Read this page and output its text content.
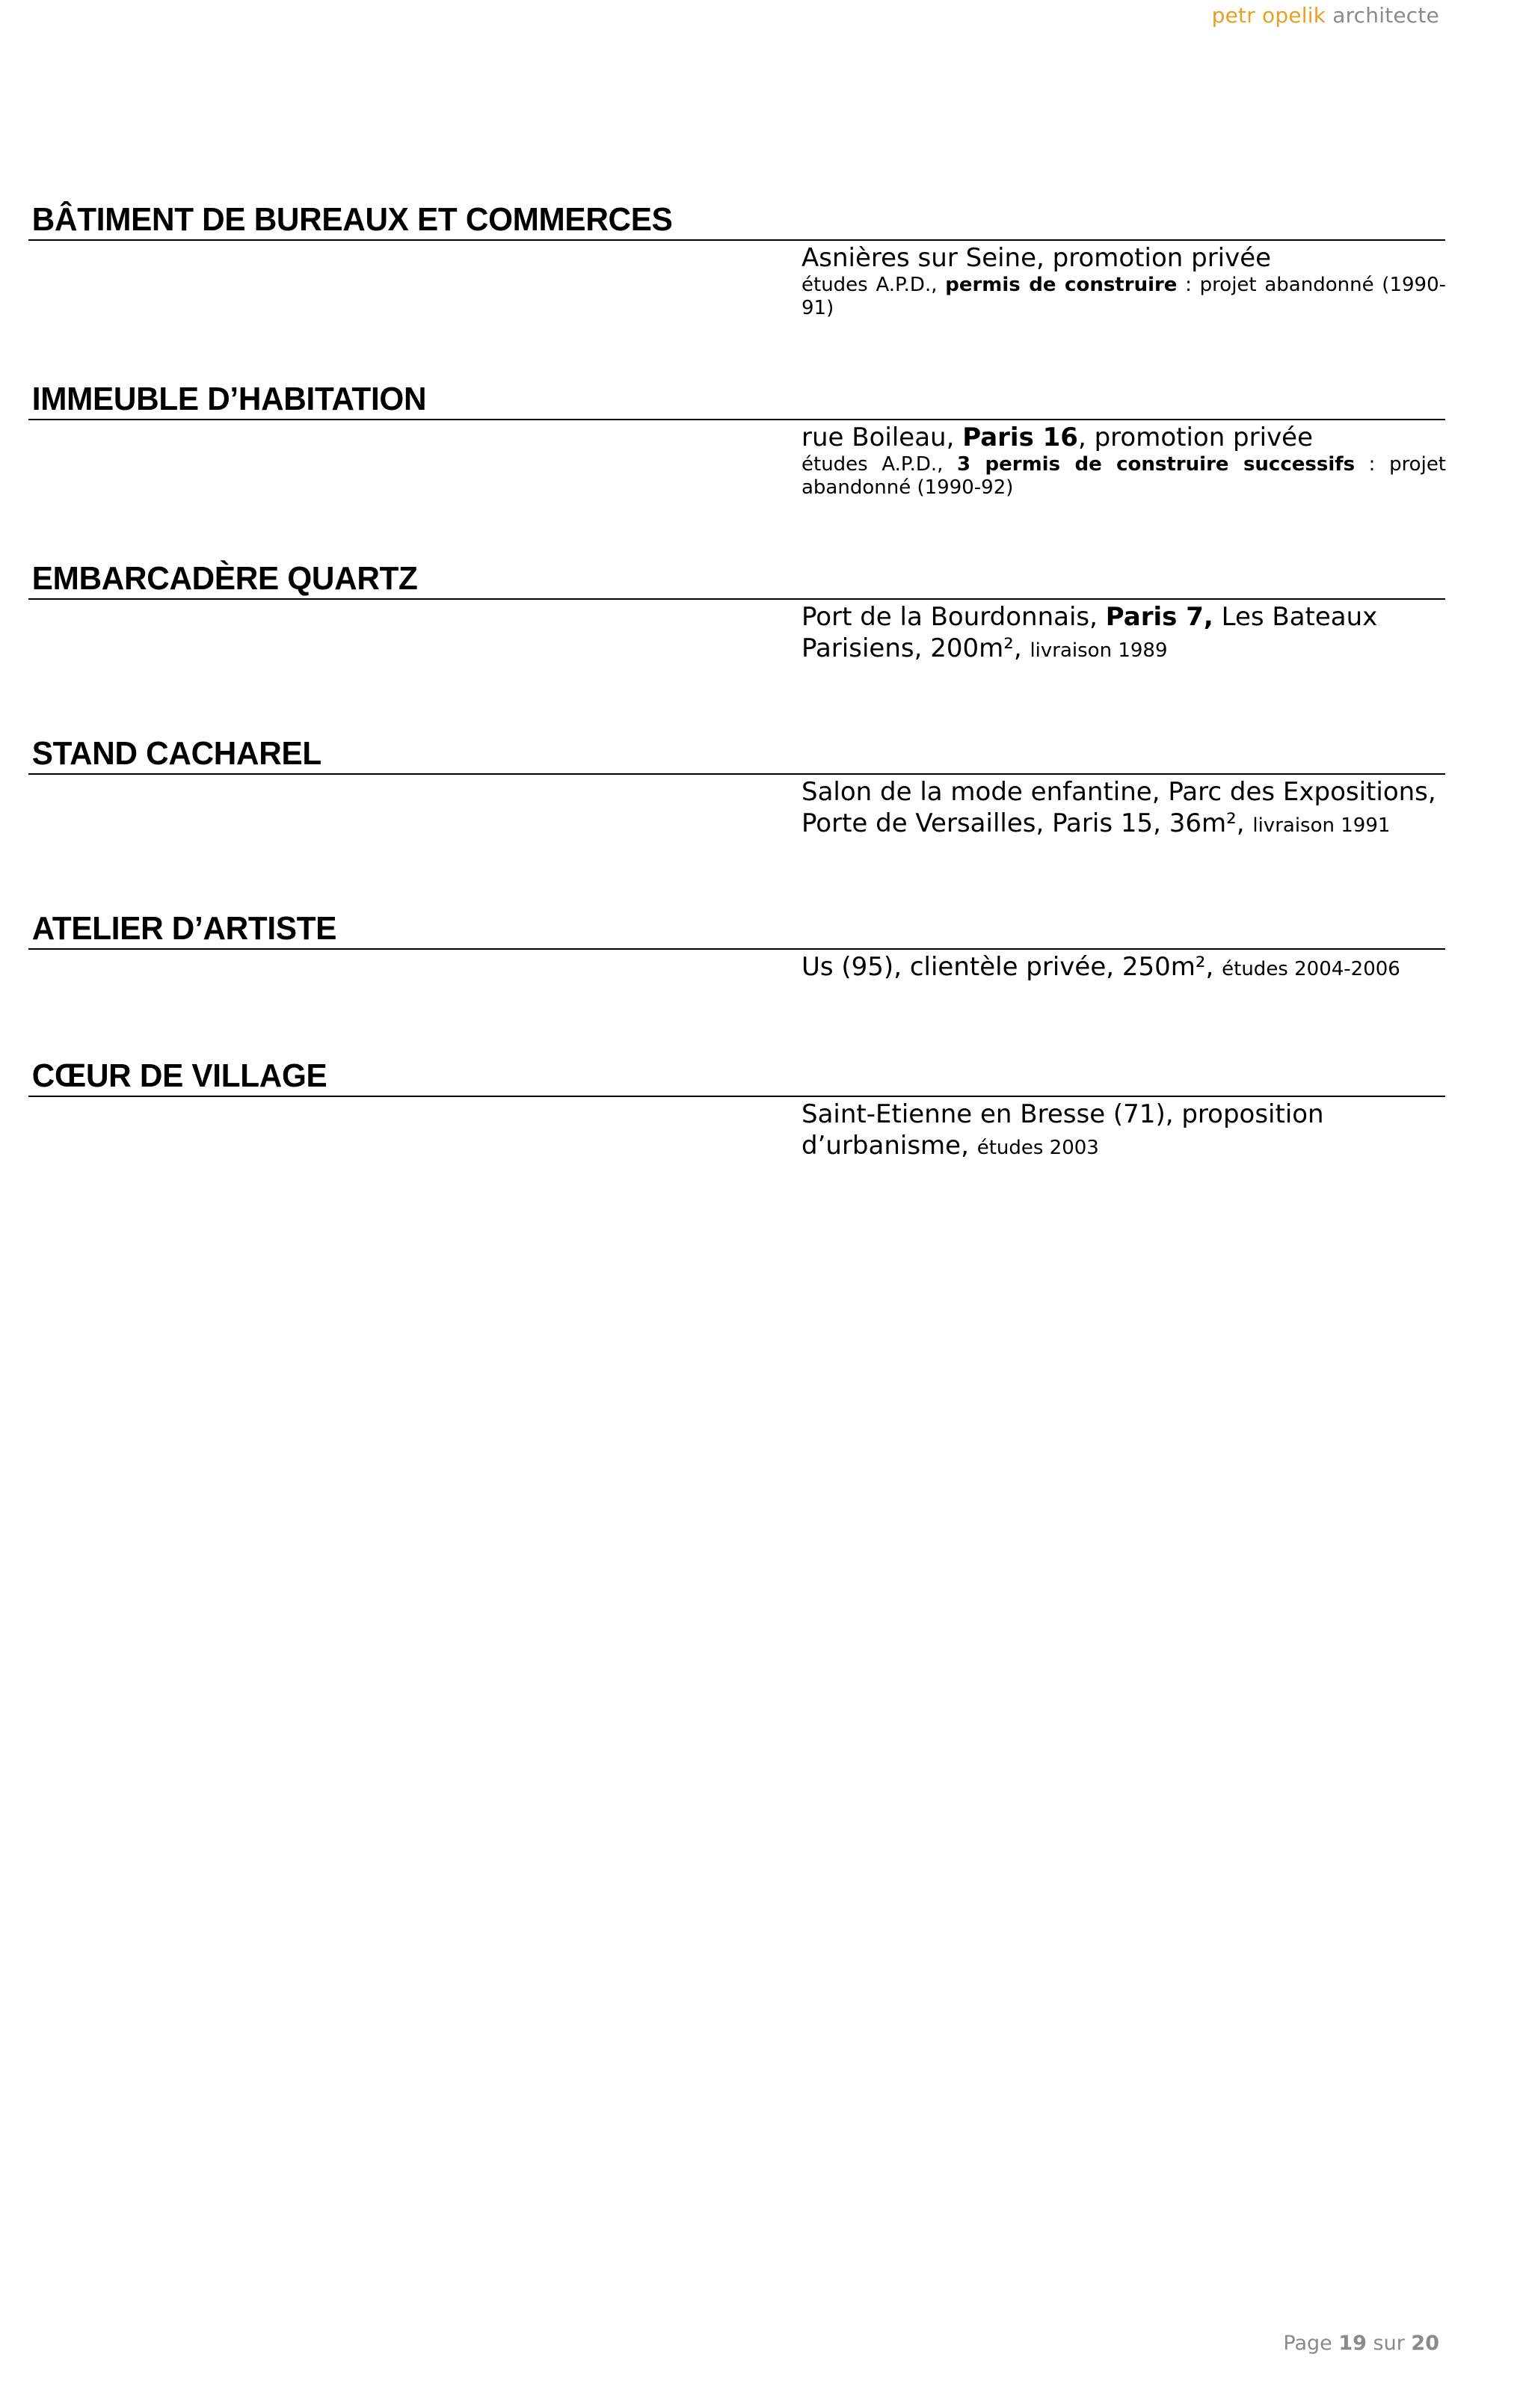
petr opelik architecte
BÂTIMENT DE BUREAUX ET COMMERCES
Asnières sur Seine, promotion privée
études A.P.D., permis de construire : projet abandonné (1990-91)
IMMEUBLE D’HABITATION
rue Boileau, Paris 16, promotion privée
études A.P.D., 3 permis de construire successifs : projet abandonné (1990-92)
EMBARCADÈRE QUARTZ
Port de la Bourdonnais, Paris 7, Les Bateaux Parisiens, 200m², livraison 1989
STAND CACHAREL
Salon de la mode enfantine, Parc des Expositions, Porte de Versailles, Paris 15, 36m², livraison 1991
ATELIER D’ARTISTE
Us (95), clientèle privée, 250m², études 2004-2006
CŒUR DE VILLAGE
Saint-Etienne en Bresse (71), proposition d’urbanisme, études 2003
Page 19 sur 20
